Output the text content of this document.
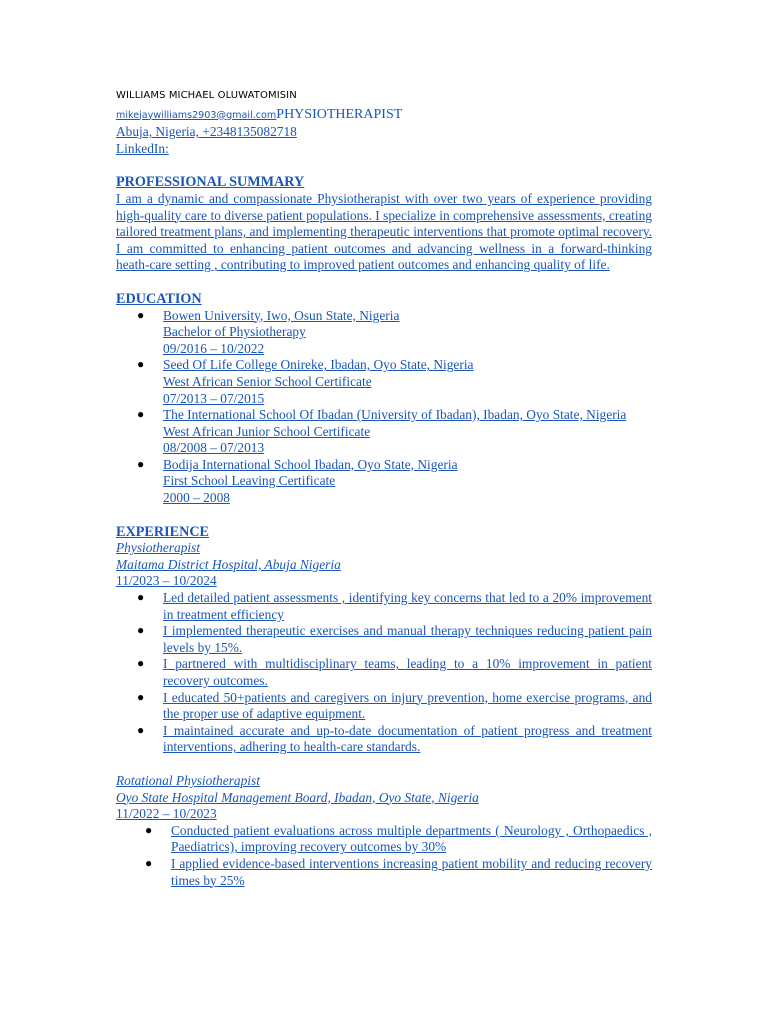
WILLIAMS MICHAEL OLUWATOMISIN
mikejaywilliams2903@gmail.comPHYSIOTHERAPIST
Abuja, Nigeria, +2348135082718
LinkedIn:
PROFESSIONAL SUMMARY
I am a dynamic and compassionate Physiotherapist with over two years of experience providing high-quality care to diverse patient populations. I specialize in comprehensive assessments, creating tailored treatment plans, and implementing therapeutic interventions that promote optimal recovery. I am committed to enhancing patient outcomes and advancing wellness in a forward-thinking heath-care setting , contributing to improved patient outcomes and enhancing quality of life.
EDUCATION
● Bowen University, Iwo, Osun State, Nigeria
Bachelor of Physiotherapy
09/2016 – 10/2022
● Seed Of Life College Onireke, Ibadan, Oyo State, Nigeria
West African Senior School Certificate
07/2013 – 07/2015
● The International School Of Ibadan (University of Ibadan), Ibadan, Oyo State, Nigeria
West African Junior School Certificate
08/2008 – 07/2013
● Bodija International School Ibadan, Oyo State, Nigeria
First School Leaving Certificate
2000 – 2008
EXPERIENCE
Physiotherapist
Maitama District Hospital, Abuja Nigeria
11/2023 – 10/2024
● Led detailed patient assessments , identifying key concerns that led to a 20% improvement in treatment efficiency
● I implemented therapeutic exercises and manual therapy techniques reducing patient pain levels by 15%.
● I partnered with multidisciplinary teams, leading to a 10% improvement in patient recovery outcomes.
● I educated 50+patients and caregivers on injury prevention, home exercise programs, and the proper use of adaptive equipment.
● I maintained accurate and up-to-date documentation of patient progress and treatment interventions, adhering to health-care standards.
Rotational Physiotherapist
Oyo State Hospital Management Board, Ibadan, Oyo State, Nigeria
11/2022 – 10/2023
● Conducted patient evaluations across multiple departments ( Neurology , Orthopaedics , Paediatrics), improving recovery outcomes by 30%
● I applied evidence-based interventions increasing patient mobility and reducing recovery times by 25%
